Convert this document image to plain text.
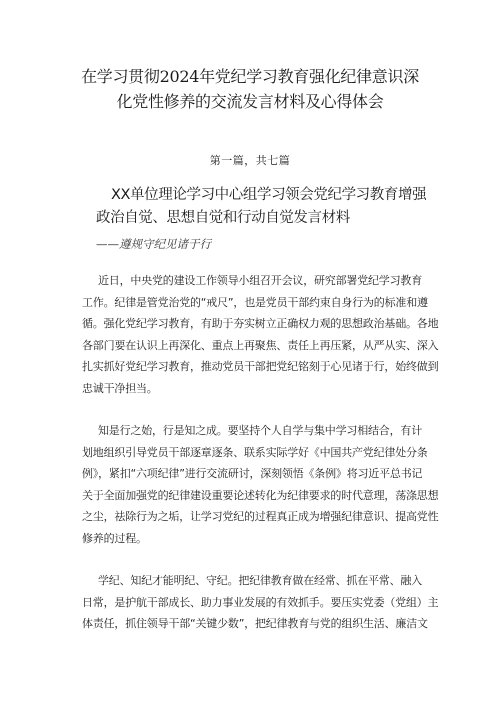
在学习贯彻2024年党纪学习教育强化纪律意识深
化党性修养的交流发言材料及心得体会
第一篇，共七篇
XX单位理论学习中心组学习领会党纪学习教育增强
政治自觉、思想自觉和行动自觉发言材料
——遵规守纪见诸于行
近日，中央党的建设工作领导小组召开会议，研究部署党纪学习教育
工作。纪律是管党治党的“戒尺”，也是党员干部约束自身行为的标准和遵
循。强化党纪学习教育，有助于夯实树立正确权力观的思想政治基础。各地
各部门要在认识上再深化、重点上再聚焦、责任上再压紧，从严从实、深入
扎实抓好党纪学习教育，推动党员干部把党纪铭刻于心见诸于行，始终做到
忠诚干净担当。
知是行之始，行是知之成。要坚持个人自学与集中学习相结合，有计
划地组织引导党员干部逐章逐条、联系实际学好《中国共产党纪律处分条
例》，紧扣“六项纪律”进行交流研讨，深刻领悟《条例》将习近平总书记
关于全面加强党的纪律建设重要论述转化为纪律要求的时代意理，荡涤思想
之尘，祛除行为之垢，让学习党纪的过程真正成为增强纪律意识、提高党性
修养的过程。
学纪、知纪才能明纪、守纪。把纪律教育做在经常、抓在平常、融入
日常，是护航干部成长、助力事业发展的有效抓手。要压实党委（党组）主
体责任，抓住领导干部“关键少数”，把纪律教育与党的组织生活、廉洁文
